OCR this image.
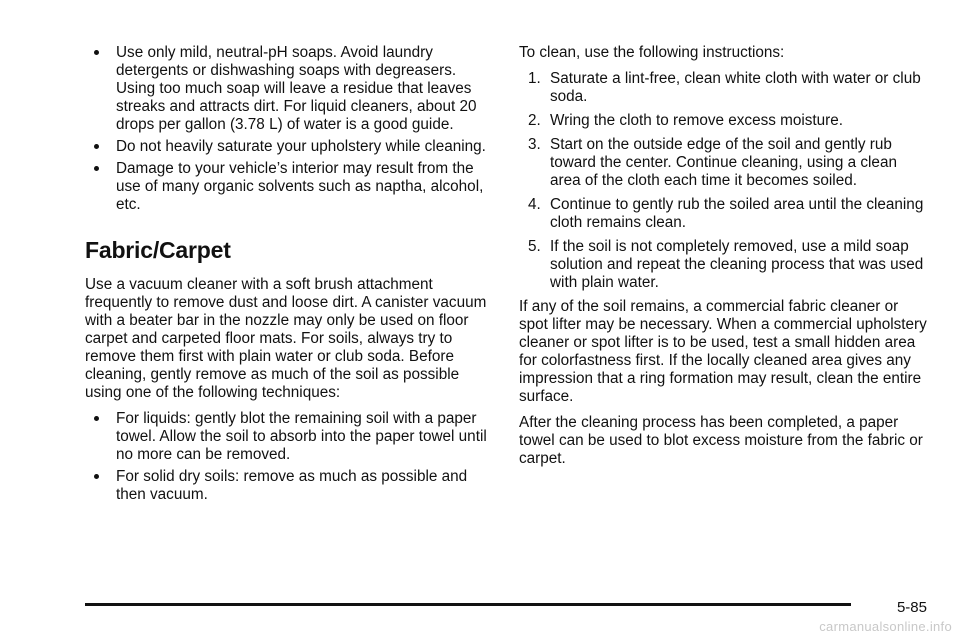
Use only mild, neutral-pH soaps. Avoid laundry detergents or dishwashing soaps with degreasers. Using too much soap will leave a residue that leaves streaks and attracts dirt. For liquid cleaners, about 20 drops per gallon (3.78 L) of water is a good guide.
Do not heavily saturate your upholstery while cleaning.
Damage to your vehicle’s interior may result from the use of many organic solvents such as naptha, alcohol, etc.
Fabric/Carpet

Use a vacuum cleaner with a soft brush attachment frequently to remove dust and loose dirt. A canister vacuum with a beater bar in the nozzle may only be used on floor carpet and carpeted floor mats. For soils, always try to remove them first with plain water or club soda. Before cleaning, gently remove as much of the soil as possible using one of the following techniques:

For liquids: gently blot the remaining soil with a paper towel. Allow the soil to absorb into the paper towel until no more can be removed.
For solid dry soils: remove as much as possible and then vacuum.

To clean, use the following instructions:

1. Saturate a lint-free, clean white cloth with water or club soda.
2. Wring the cloth to remove excess moisture.
3. Start on the outside edge of the soil and gently rub toward the center. Continue cleaning, using a clean area of the cloth each time it becomes soiled.
4. Continue to gently rub the soiled area until the cleaning cloth remains clean.
5. If the soil is not completely removed, use a mild soap solution and repeat the cleaning process that was used with plain water.

If any of the soil remains, a commercial fabric cleaner or spot lifter may be necessary. When a commercial upholstery cleaner or spot lifter is to be used, test a small hidden area for colorfastness first. If the locally cleaned area gives any impression that a ring formation may result, clean the entire surface.

After the cleaning process has been completed, a paper towel can be used to blot excess moisture from the fabric or carpet.

5-85
carmanualsonline.info
